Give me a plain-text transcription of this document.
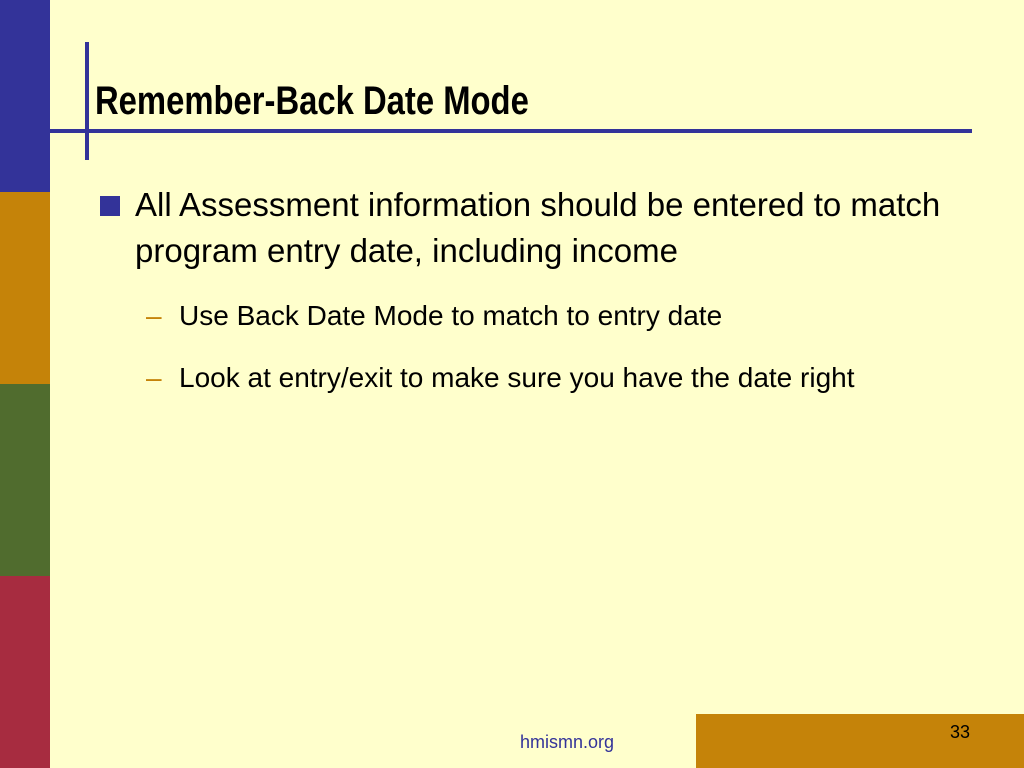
Remember-Back Date Mode
All Assessment information should be entered to match program entry date, including income
– Use Back Date Mode to match to entry date
– Look at entry/exit to make sure you have the date right
33
hmismn.org
